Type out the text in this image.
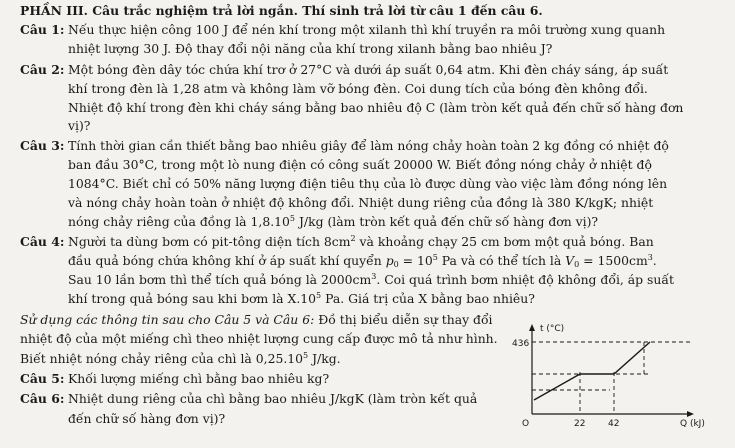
PHẦN III. Câu trắc nghiệm trả lời ngắn. Thí sinh trả lời từ câu 1 đến câu 6.
Câu 1: Nếu thực hiện công 100 J để nén khí trong một xilanh thì khí truyền ra môi trường xung quanh
nhiệt lượng 30 J. Độ thay đổi nội năng của khí trong xilanh bằng bao nhiêu J?
Câu 2: Một bóng đèn dây tóc chứa khí trơ ở 27°C và dưới áp suất 0,64 atm. Khi đèn cháy sáng, áp suất
khí trong đèn là 1,28 atm và không làm vỡ bóng đèn. Coi dung tích của bóng đèn không đổi.
Nhiệt độ khí trong đèn khi cháy sáng bằng bao nhiêu độ C (làm tròn kết quả đến chữ số hàng đơn
vị)?
Câu 3: Tính thời gian cần thiết bằng bao nhiêu giây để làm nóng chảy hoàn toàn 2 kg đồng có nhiệt độ
ban đầu 30°C, trong một lò nung điện có công suất 20000 W. Biết đồng nóng chảy ở nhiệt độ
1084°C. Biết chỉ có 50% năng lượng điện tiêu thụ của lò được dùng vào việc làm đồng nóng lên
và nóng chảy hoàn toàn ở nhiệt độ không đổi. Nhiệt dung riêng của đồng là 380 K/kgK; nhiệt
nóng chảy riêng của đồng là 1,8.10$^5$ J/kg (làm tròn kết quả đến chữ số hàng đơn vị)?
Câu 4: Người ta dùng bơm có pit-tông diện tích $8cm^2$ và khoảng chạy 25 cm bơm một quả bóng. Ban
đầu quả bóng chứa không khí ở áp suất khí quyển $p_0 = 10^5$ Pa và có thể tích là $V_0 = 1500cm^3$.
Sau 10 lần bơm thì thể tích quả bóng là $2000cm^3$. Coi quá trình bơm nhiệt độ không đổi, áp suất
khí trong quả bóng sau khi bơm là $X.10^5$ Pa. Giá trị của X bằng bao nhiêu?
Sử dụng các thông tin sau cho Câu 5 và Câu 6: Đồ thị biểu diễn sự thay đổi
nhiệt độ của một miếng chì theo nhiệt lượng cung cấp được mô tả như hình.
Biết nhiệt nóng chảy riêng của chì là 0,25.10$^5$ J/kg.
Câu 5: Khối lượng miếng chì bằng bao nhiêu kg?
Câu 6: Nhiệt dung riêng của chì bằng bao nhiêu J/kgK (làm tròn kết quả
đến chữ số hàng đơn vị)?
t (°C)
436
O	22	42	Q (kJ)
